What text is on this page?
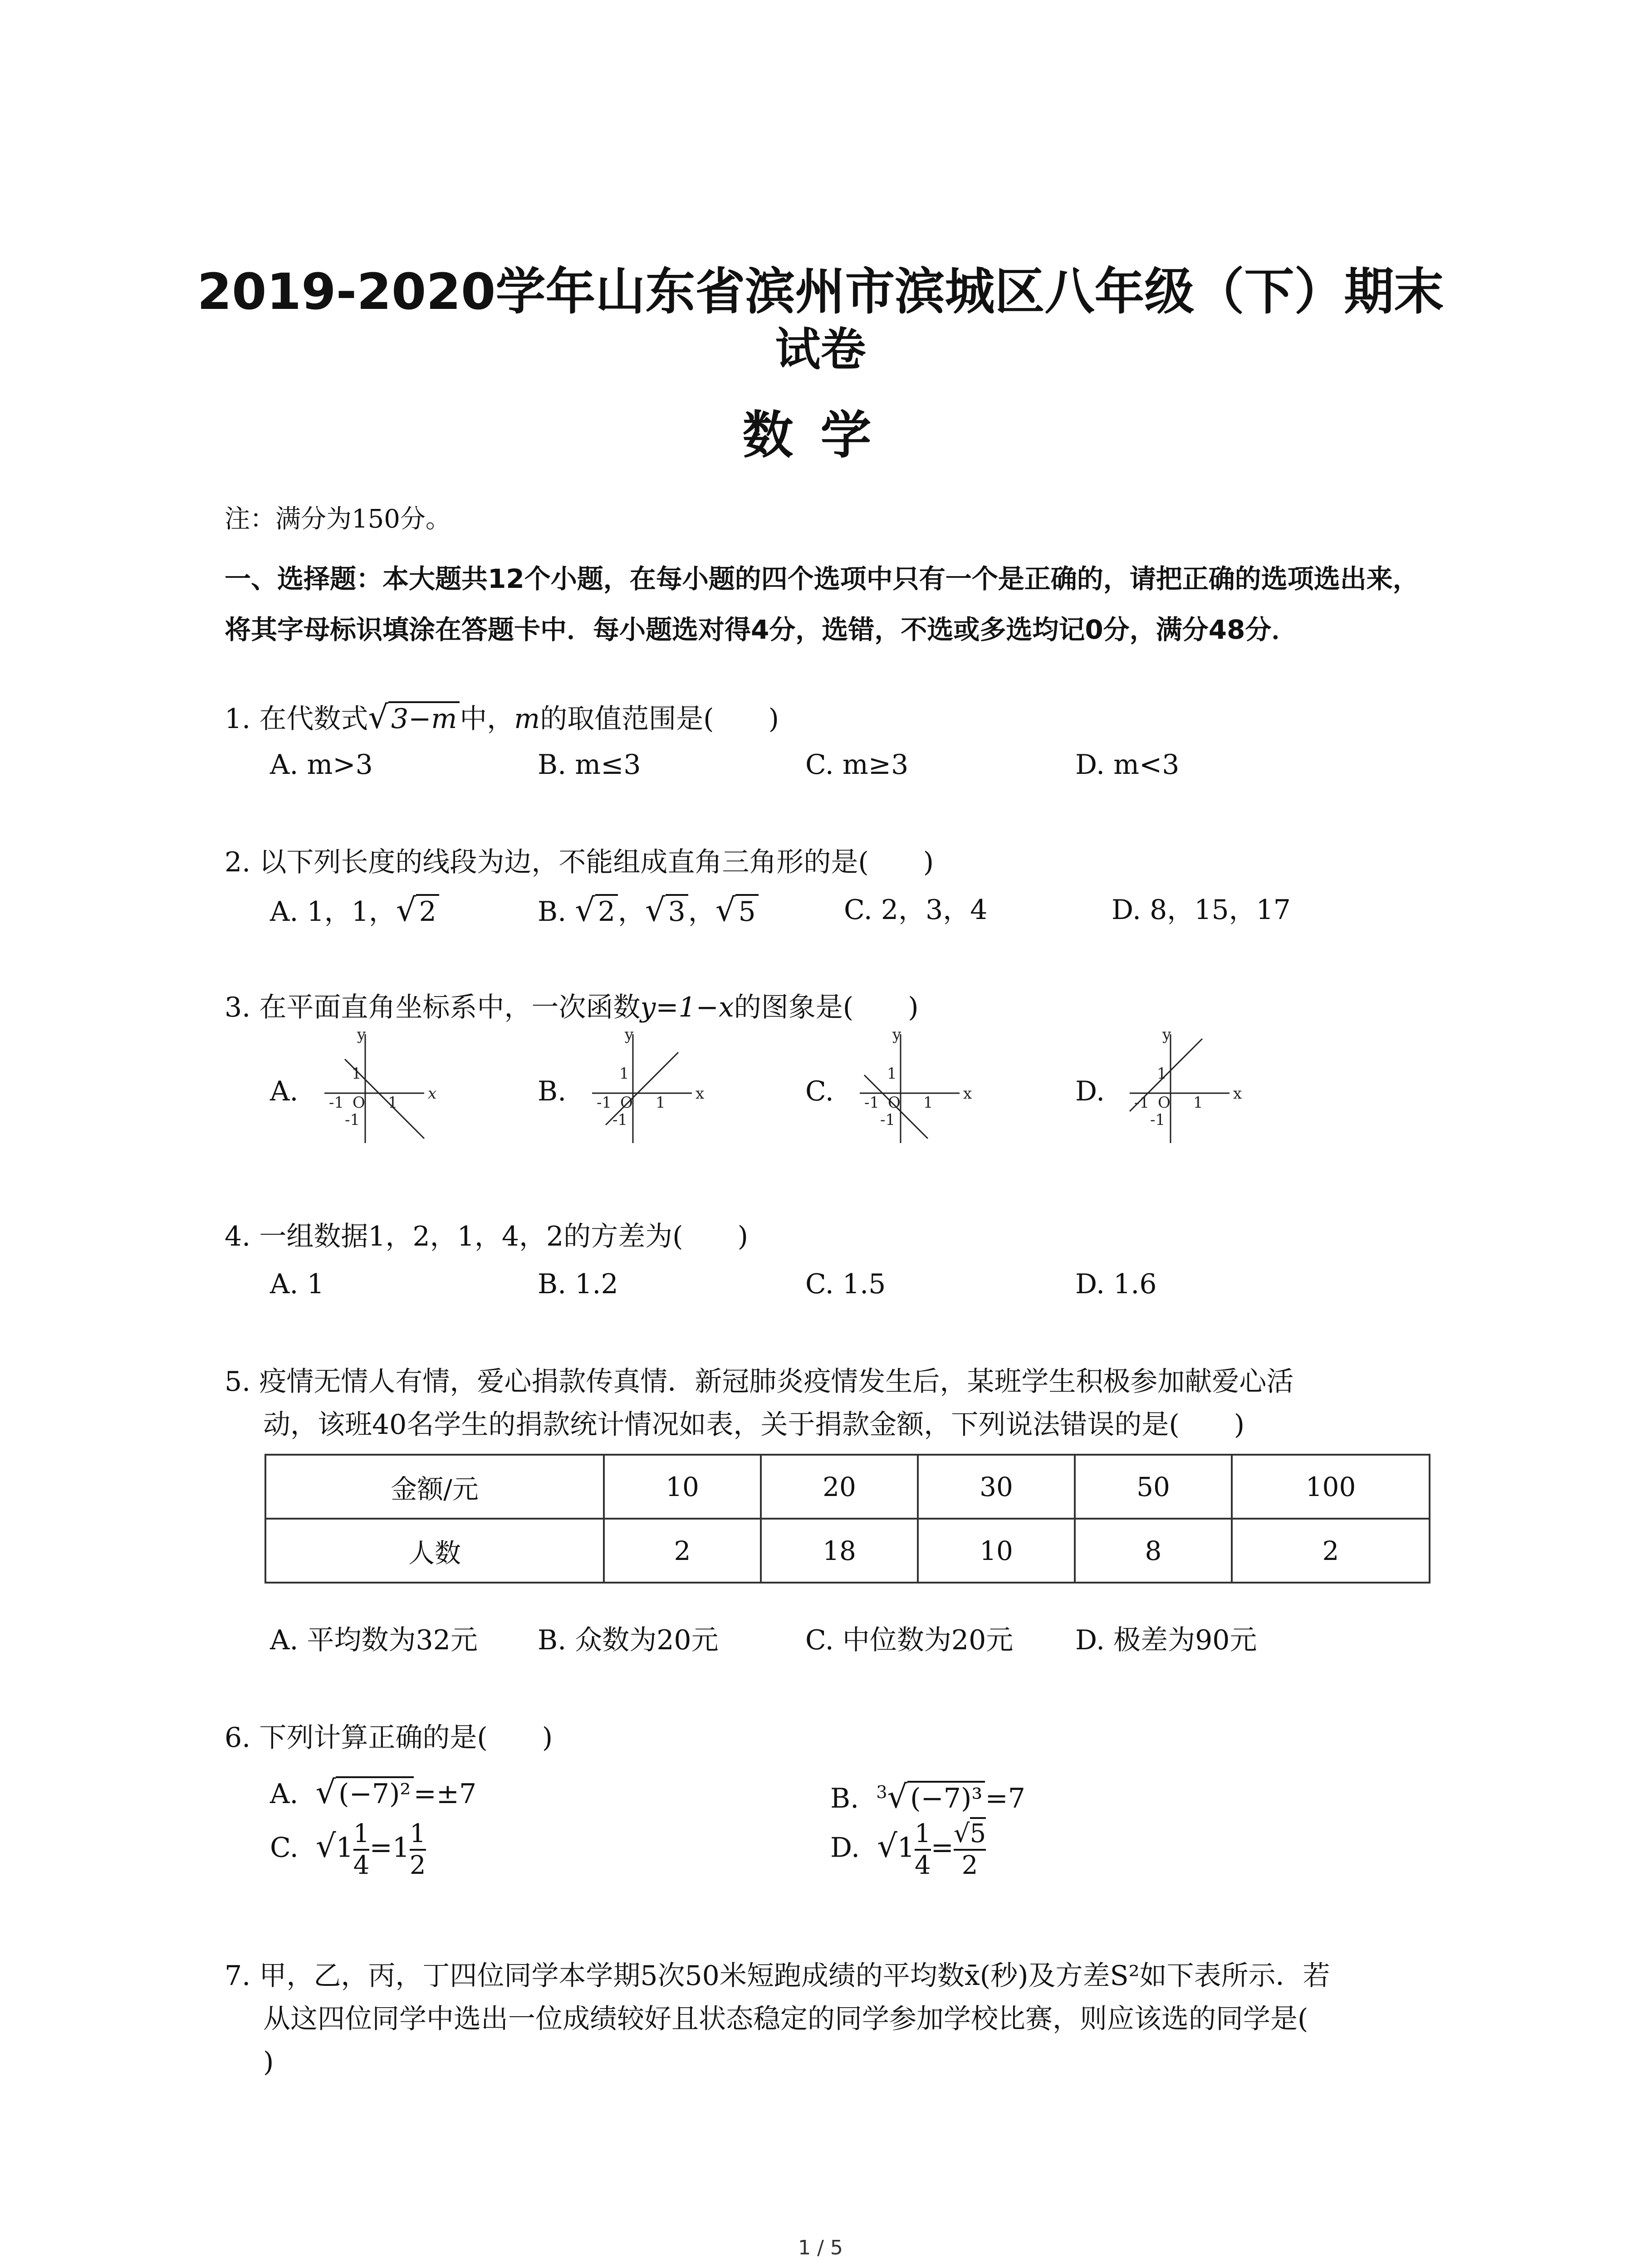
2019-2020学年山东省滨州市滨城区八年级（下）期末
试卷
数学
注：满分为150分。
一、选择题：本大题共12个小题，在每小题的四个选项中只有一个是正确的，请把正确的选项选出来，将其字母标识填涂在答题卡中．每小题选对得4分，选错，不选或多选均记0分，满分48分．
1. 在代数式√ 3−m 中，m的取值范围是(　　)
A. m>3	B. m≤3	C. m≥3	D. m<3
2. 以下列长度的线段为边，不能组成直角三角形的是(　　)
A. 1，1，√ 2	B. √ 2 ，√ 3 ，√ 5	C. 2，3，4	D. 8，15，17
3. 在平面直角坐标系中，一次函数y=1−x的图象是(　　)
A.	B.	C.	D.
x
y
O 1
-1
1
-1
x
y
O 1
-1
1
-1
x
y
O 1
-1
1
-1
x
y
O 1
-1
1
-1
4. 一组数据1，2，1，4，2的方差为(　　)
A. 1	B. 1.2	C. 1.5	D. 1.6
5. 疫情无情人有情，爱心捐款传真情．新冠肺炎疫情发生后，某班学生积极参加献爱心活
动，该班40名学生的捐款统计情况如表，关于捐款金额，下列说法错误的是(　　)
金额/元	10	20	30	50	100
人数	2	18	10	8	2
A. 平均数为32元 B. 众数为20元	C. 中位数为20元 D. 极差为90元
6. 下列计算正确的是(　　)
A. √ (−7)² =±7	B. $^3$√ (−7)³ =7
C. $√1 \frac{1}{4} =1 \frac{1}{2}$	D. $√1 \frac{1}{4} = \frac{√5}{2}$
7. 甲，乙，丙，丁四位同学本学期5次50米短跑成绩的平均数x̄(秒)及方差S²如下表所示．若
从这四位同学中选出一位成绩较好且状态稳定的同学参加学校比赛，则应该选的同学是(
)
1 / 5
